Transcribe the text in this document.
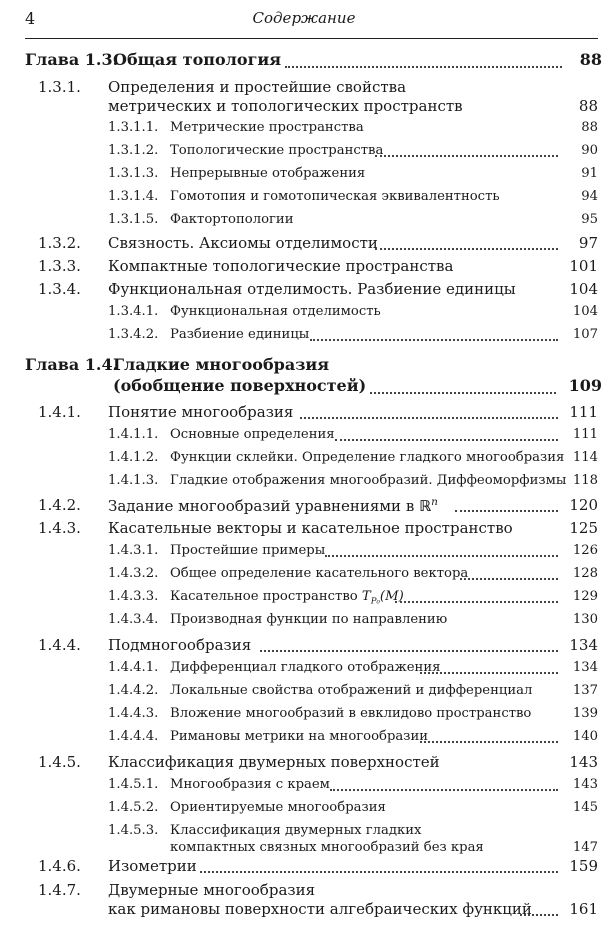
4	Содержание
Глава 1.3.Общая топология	88
1.3.1. Определения и простейшие свойства
метрических и топологических пространств	88
1.3.1.1. Метрические пространства	88
1.3.1.2. Топологические пространства	90
1.3.1.3. Непрерывные отображения	91
1.3.1.4. Гомотопия и гомотопическая эквивалентность	94
1.3.1.5. Фактортопологии	95
1.3.2. Связность. Аксиомы отделимости	97
1.3.3. Компактные топологические пространства	101
1.3.4. Функциональная отделимость. Разбиение единицы	104
1.3.4.1. Функциональная отделимость	104
1.3.4.2. Разбиение единицы	107
Глава 1.4.
Гладкие многообразия
(обобщение поверхностей)	109
1.4.1. Понятие многообразия	111
1.4.1.1. Основные определения	111
1.4.1.2. Функции склейки. Определение гладкого многообразия 114
1.4.1.3. Гладкие отображения многообразий. Диффеоморфизмы 118
1.4.2. Задание многообразий уравнениями в ℝ$^n$	120
1.4.3. Касательные векторы и касательное пространство	125
1.4.3.1. Простейшие примеры	126
1.4.3.2. Общее определение касательного вектора	128
1.4.3.3. Касательное пространство $T_{P_0}(M)$	129
1.4.3.4. Производная функции по направлению	130
1.4.4. Подмногообразия	134
1.4.4.1. Дифференциал гладкого отображения	134
1.4.4.2. Локальные свойства отображений и дифференциал	137
1.4.4.3. Вложение многообразий в евклидово пространство	139
1.4.4.4. Римановы метрики на многообразии	140
1.4.5. Классификация двумерных поверхностей	143
1.4.5.1. Многообразия с краем	143
1.4.5.2. Ориентируемые многообразия	145
1.4.5.3. Классификация двумерных гладких
компактных связных многообразий без края	147
1.4.6. Изометрии	159
1.4.7. Двумерные многообразия
как римановы поверхности алгебраических функций 161
